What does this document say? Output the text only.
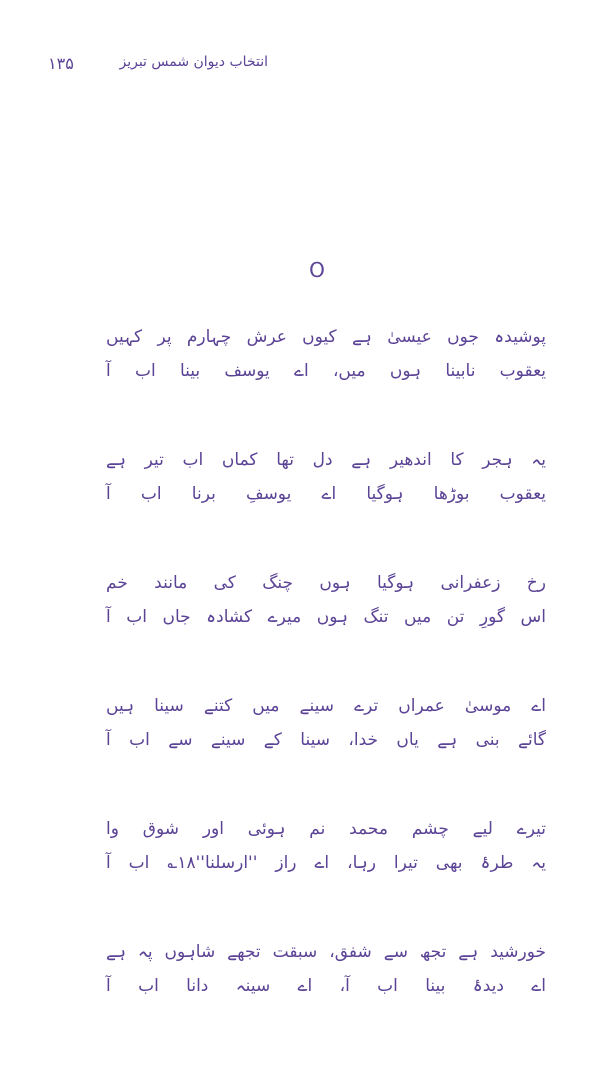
۱۳۵	انتخاب دیوان شمس تبریز
O
پوشیدہ جوں عیسیٰ ہے کیوں عرش چہارم پر کہیں
یعقوب نابینا ہوں میں، اے یوسف بینا اب آ
یہ ہجر کا اندھیر ہے دل تھا کماں اب تیر ہے
یعقوب بوڑھا ہوگیا اے یوسفِ برنا اب آ
رخ زعفرانی ہوگیا ہوں چنگ کی مانند خم
اس گورِ تن میں تنگ ہوں میرے کشادہ جاں اب آ
اے موسیٰ عمراں ترے سینے میں کتنے سینا ہیں
گائے بنی ہے یاں خدا، سینا کے سینے سے اب آ
تیرے لیے چشم محمد نم ہوئی اور شوق وا
یہ طرۂ بھی تیرا رہا، اے راز ''ارسلنا''۱۸؎ اب آ
خورشید ہے تجھ سے شفق، سبقت تجھے شاہوں پہ ہے
اے دیدۂ بینا اب آ، اے سینہ دانا اب آ
